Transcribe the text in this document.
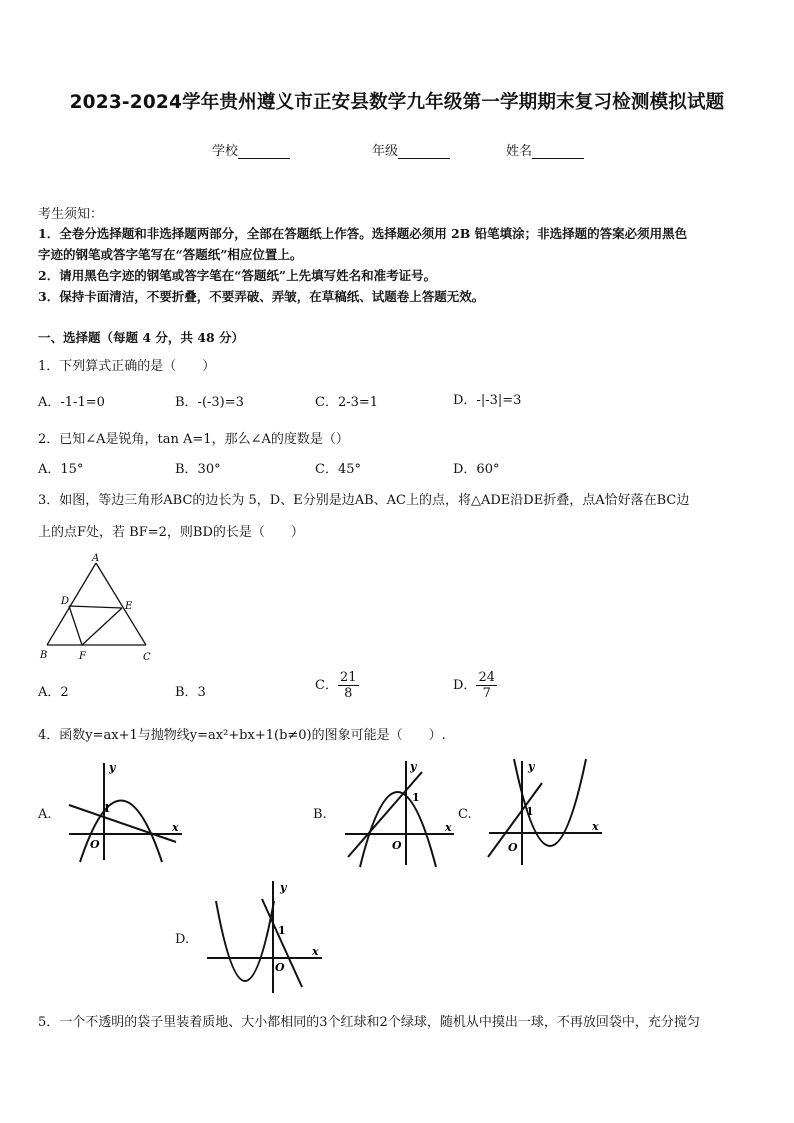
2023-2024学年贵州遵义市正安县数学九年级第一学期期末复习检测模拟试题
学校	年级	姓名
考生须知：
1．全卷分选择题和非选择题两部分，全部在答题纸上作答。选择题必须用 2B 铅笔填涂；非选择题的答案必须用黑色
字迹的钢笔或答字笔写在“答题纸”相应位置上。
2．请用黑色字迹的钢笔或答字笔在“答题纸”上先填写姓名和准考证号。
3．保持卡面清洁，不要折叠，不要弄破、弄皱，在草稿纸、试题卷上答题无效。
一、选择题（每题 4 分，共 48 分）
1．下列算式正确的是（　　）
A．-1-1=0	B．-(-3)=3	C．2-3=1	D．-|-3|=3
2．已知∠A是锐角，tan A=1，那么∠A的度数是（）
A．15°	B．30°	C．45°	D．60°
3．如图，等边三角形ABC的边长为 5，D、E分别是边AB、AC上的点，将△ADE沿DE折叠，点A恰好落在BC边
上的点F处，若 BF=2，则BD的长是（　　）
A
B	C
D	E
F
A．2	B．3	C． $\frac{21}{8}$	D． $\frac{24}{7}$
4．函数y=ax+1与抛物线y=ax²+bx+1(b≠0)的图象可能是（　　）.
A.
y
x
O
1	B.
y
x
O
1
C.
y
x
O
1
D.
y
x
O
1
5．一个不透明的袋子里装着质地、大小都相同的3个红球和2个绿球，随机从中摸出一球，不再放回袋中，充分搅匀
